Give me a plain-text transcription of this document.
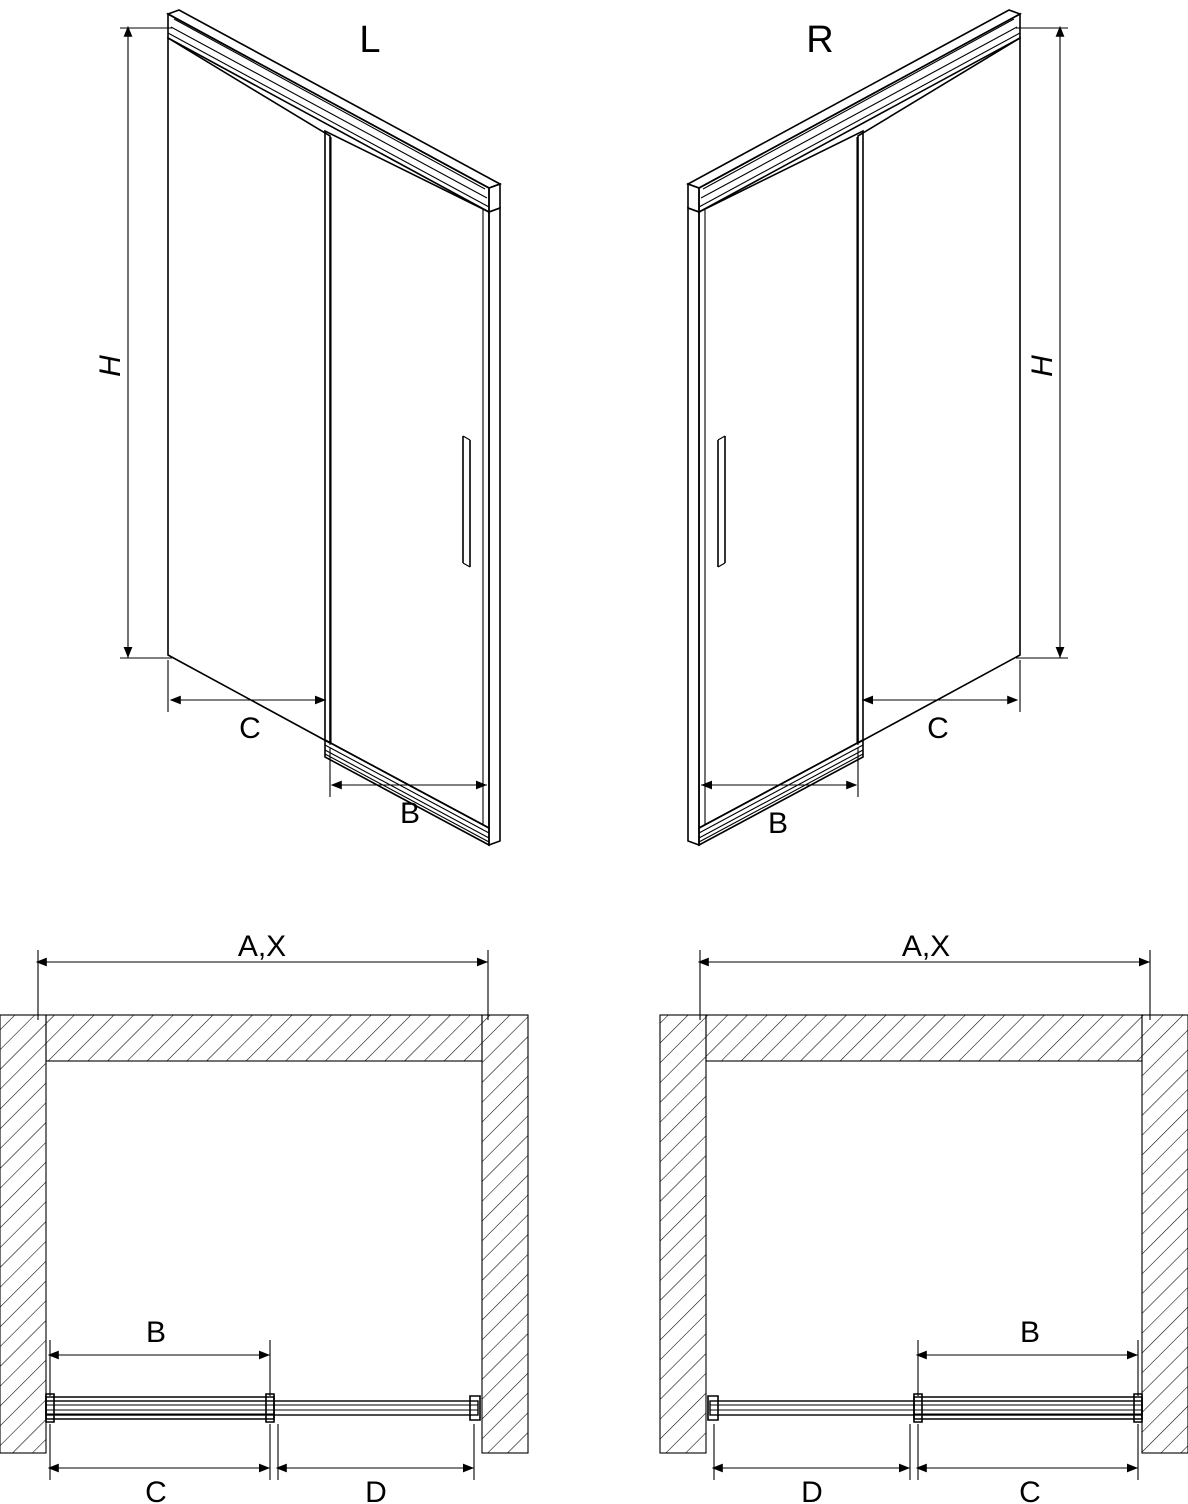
H
C
B
L
H
C
B
R
A,X
B
C	D
A,X
B
D	C
